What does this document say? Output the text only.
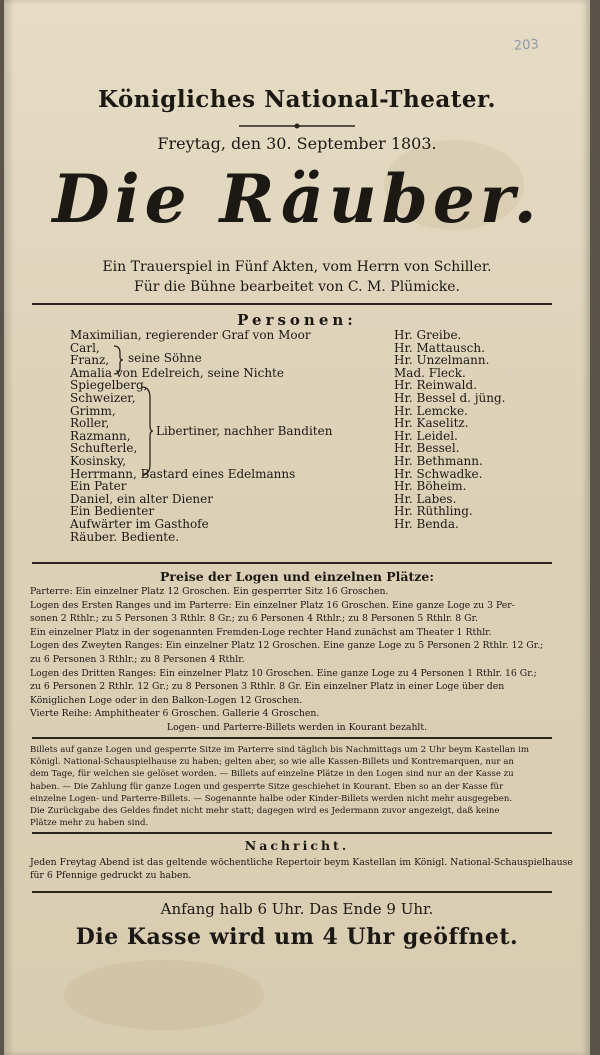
203
Königliches National-Theater.
Freytag, den 30. September 1803.
Die Räuber.
Ein Trauerspiel in Fünf Akten, vom Herrn von Schiller.
Für die Bühne bearbeitet von C. M. Plümicke.
Personen:
Maximilian, regierender Graf von Moor	Hr. Greibe.
Carl,	Hr. Mattausch.
Franz,	Hr. Unzelmann.
Amalia von Edelreich, seine Nichte	Mad. Fleck.
Spiegelberg,	Hr. Reinwald.
Schweizer,	Hr. Bessel d. jüng.
Grimm,	Hr. Lemcke.
Roller,	Hr. Kaselitz.
Razmann,	Hr. Leidel.
Schufterle,	Hr. Bessel.
Kosinsky,	Hr. Bethmann.
Herrmann, Bastard eines Edelmanns	Hr. Schwadke.
Ein Pater	Hr. Böheim.
Daniel, ein alter Diener	Hr. Labes.
Ein Bedienter	Hr. Rüthling.
Aufwärter im Gasthofe	Hr. Benda.
Räuber. Bediente.
seine Söhne
Libertiner, nachher Banditen
Preise der Logen und einzelnen Plätze:
Parterre: Ein einzelner Platz 12 Groschen. Ein gesperrter Sitz 16 Groschen.
Logen des Ersten Ranges und im Parterre: Ein einzelner Platz 16 Groschen. Eine ganze Loge zu 3 Per-
sonen 2 Rthlr.; zu 5 Personen 3 Rthlr. 8 Gr.; zu 6 Personen 4 Rthlr.; zu 8 Personen 5 Rthlr. 8 Gr.
Ein einzelner Platz in der sogenannten Fremden-Loge rechter Hand zunächst am Theater 1 Rthlr.
Logen des Zweyten Ranges: Ein einzelner Platz 12 Groschen. Eine ganze Loge zu 5 Personen 2 Rthlr. 12 Gr.;
zu 6 Personen 3 Rthlr.; zu 8 Personen 4 Rthlr.
Logen des Dritten Ranges: Ein einzelner Platz 10 Groschen. Eine ganze Loge zu 4 Personen 1 Rthlr. 16 Gr.;
zu 6 Personen 2 Rthlr. 12 Gr.; zu 8 Personen 3 Rthlr. 8 Gr. Ein einzelner Platz in einer Loge über den
Königlichen Loge oder in den Balkon-Logen 12 Groschen.
Vierte Reihe: Amphitheater 6 Groschen. Gallerie 4 Groschen.
Logen- und Parterre-Billets werden in Kourant bezahlt.
Billets auf ganze Logen und gesperrte Sitze im Parterre sind täglich bis Nachmittags um 2 Uhr beym Kastellan im
Königl. National-Schauspielhause zu haben; gelten aber, so wie alle Kassen-Billets und Kontremarquen, nur an
dem Tage, für welchen sie gelöset worden. — Billets auf einzelne Plätze in den Logen sind nur an der Kasse zu
haben. — Die Zahlung für ganze Logen und gesperrte Sitze geschiehet in Kourant. Eben so an der Kasse für
einzelne Logen- und Parterre-Billets. — Sogenannte halbe oder Kinder-Billets werden nicht mehr ausgegeben.
Die Zurückgabe des Geldes findet nicht mehr statt; dagegen wird es Jedermann zuvor angezeigt, daß keine
Plätze mehr zu haben sind.
Nachricht.
Jeden Freytag Abend ist das geltende wöchentliche Repertoir beym Kastellan im Königl. National-Schauspielhause
für 6 Pfennige gedruckt zu haben.
Anfang halb 6 Uhr. Das Ende 9 Uhr.
Die Kasse wird um 4 Uhr geöffnet.
